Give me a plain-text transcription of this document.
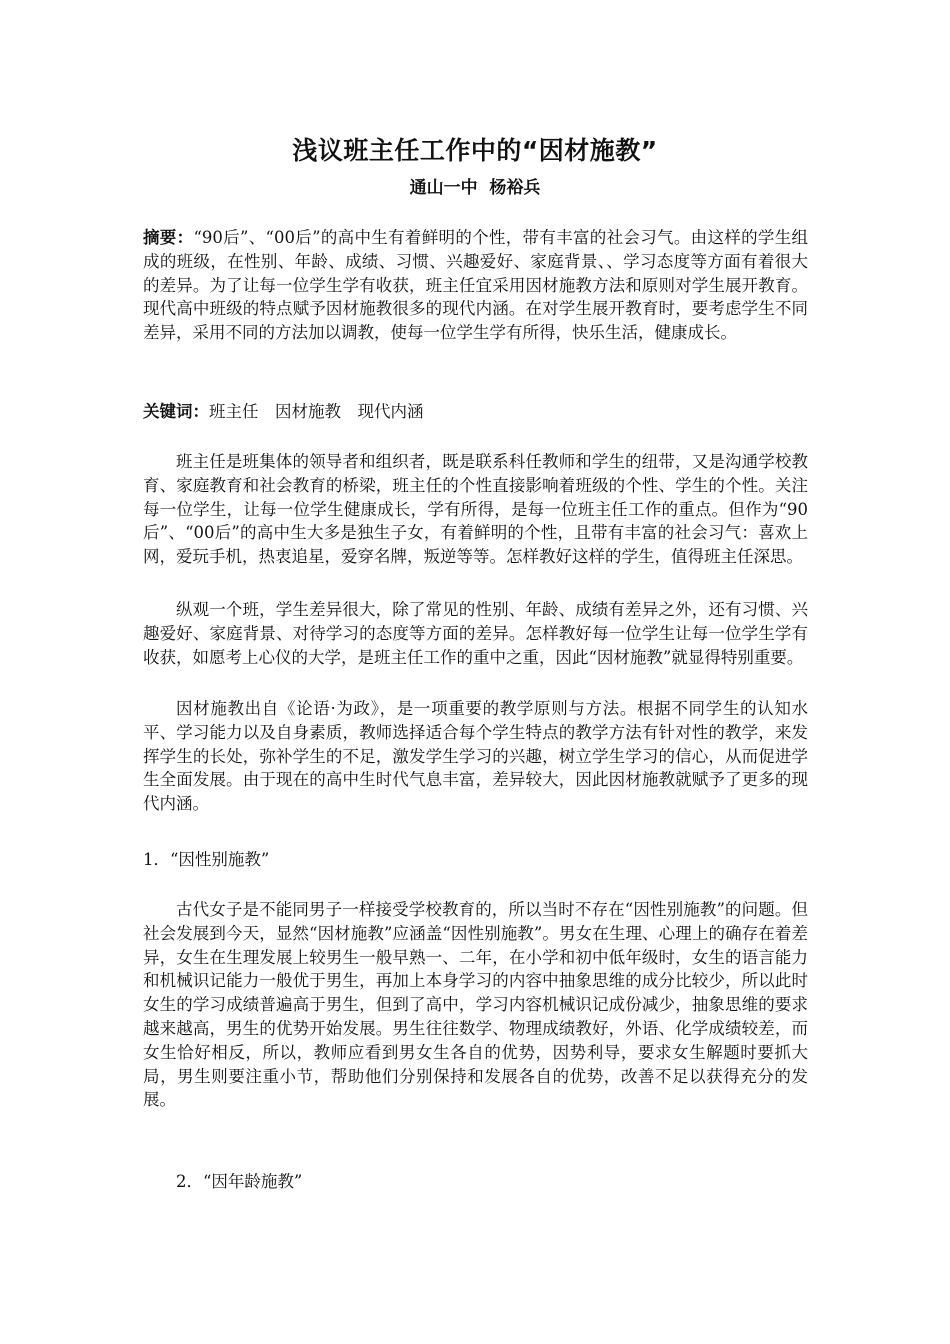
浅议班主任工作中的“因材施教”
通山一中  杨裕兵

摘要：“90后”、“00后”的高中生有着鲜明的个性，带有丰富的社会习气。由这样的学生组成的班级，在性别、年龄、成绩、习惯、兴趣爱好、家庭背景、、学习态度等方面有着很大的差异。为了让每一位学生学有收获，班主任宜采用因材施教方法和原则对学生展开教育。现代高中班级的特点赋予因材施教很多的现代内涵。在对学生展开教育时，要考虑学生不同差异，采用不同的方法加以调教，使每一位学生学有所得，快乐生活，健康成长。

关键词：班主任 因材施教 现代内涵

班主任是班集体的领导者和组织者，既是联系科任教师和学生的纽带，又是沟通学校教育、家庭教育和社会教育的桥梁，班主任的个性直接影响着班级的个性、学生的个性。关注每一位学生，让每一位学生健康成长，学有所得，是每一位班主任工作的重点。但作为“90后”、“00后”的高中生大多是独生子女，有着鲜明的个性，且带有丰富的社会习气：喜欢上网，爱玩手机，热衷追星，爱穿名牌，叛逆等等。怎样教好这样的学生，值得班主任深思。

纵观一个班，学生差异很大，除了常见的性别、年龄、成绩有差异之外，还有习惯、兴趣爱好、家庭背景、对待学习的态度等方面的差异。怎样教好每一位学生让每一位学生学有收获，如愿考上心仪的大学，是班主任工作的重中之重，因此“因材施教”就显得特别重要。

因材施教出自《论语·为政》，是一项重要的教学原则与方法。根据不同学生的认知水平、学习能力以及自身素质，教师选择适合每个学生特点的教学方法有针对性的教学，来发挥学生的长处，弥补学生的不足，激发学生学习的兴趣，树立学生学习的信心，从而促进学生全面发展。由于现在的高中生时代气息丰富，差异较大，因此因材施教就赋予了更多的现代内涵。

1．“因性别施教”

古代女子是不能同男子一样接受学校教育的，所以当时不存在“因性别施教”的问题。但社会发展到今天，显然“因材施教”应涵盖“因性别施教”。男女在生理、心理上的确存在着差异，女生在生理发展上较男生一般早熟一、二年，在小学和初中低年级时，女生的语言能力和机械识记能力一般优于男生，再加上本身学习的内容中抽象思维的成分比较少，所以此时女生的学习成绩普遍高于男生，但到了高中，学习内容机械识记成份减少，抽象思维的要求越来越高，男生的优势开始发展。男生往往数学、物理成绩教好，外语、化学成绩较差，而女生恰好相反，所以，教师应看到男女生各自的优势，因势利导，要求女生解题时要抓大局，男生则要注重小节，帮助他们分别保持和发展各自的优势，改善不足以获得充分的发展。

2．“因年龄施教”
